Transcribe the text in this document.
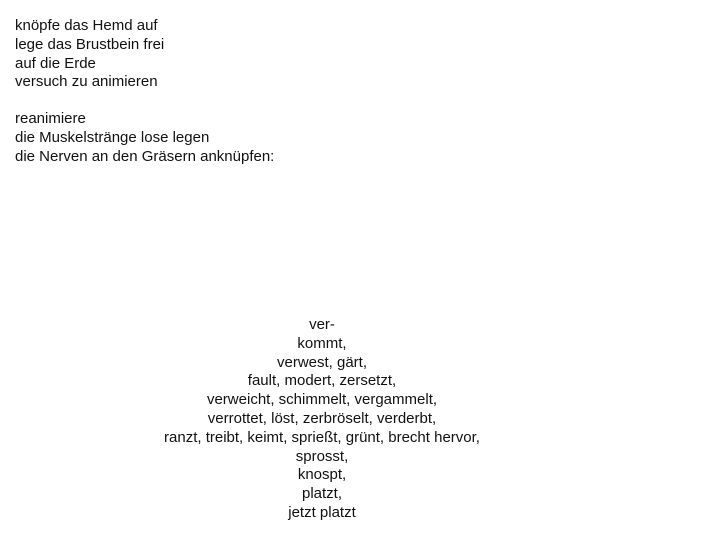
knöpfe das Hemd auf
lege das Brustbein frei
auf die Erde
versuch zu animieren
reanimiere
die Muskelstränge lose legen
die Nerven an den Gräsern anknüpfen:
ver-
kommt,
verwest, gärt,
fault, modert, zersetzt,
verweicht, schimmelt, vergammelt,
verrottet, löst, zerbröselt, verderbt,
ranzt, treibt, keimt, sprießt, grünt, brecht hervor,
sprosst,
knospt,
platzt,
jetzt platzt
